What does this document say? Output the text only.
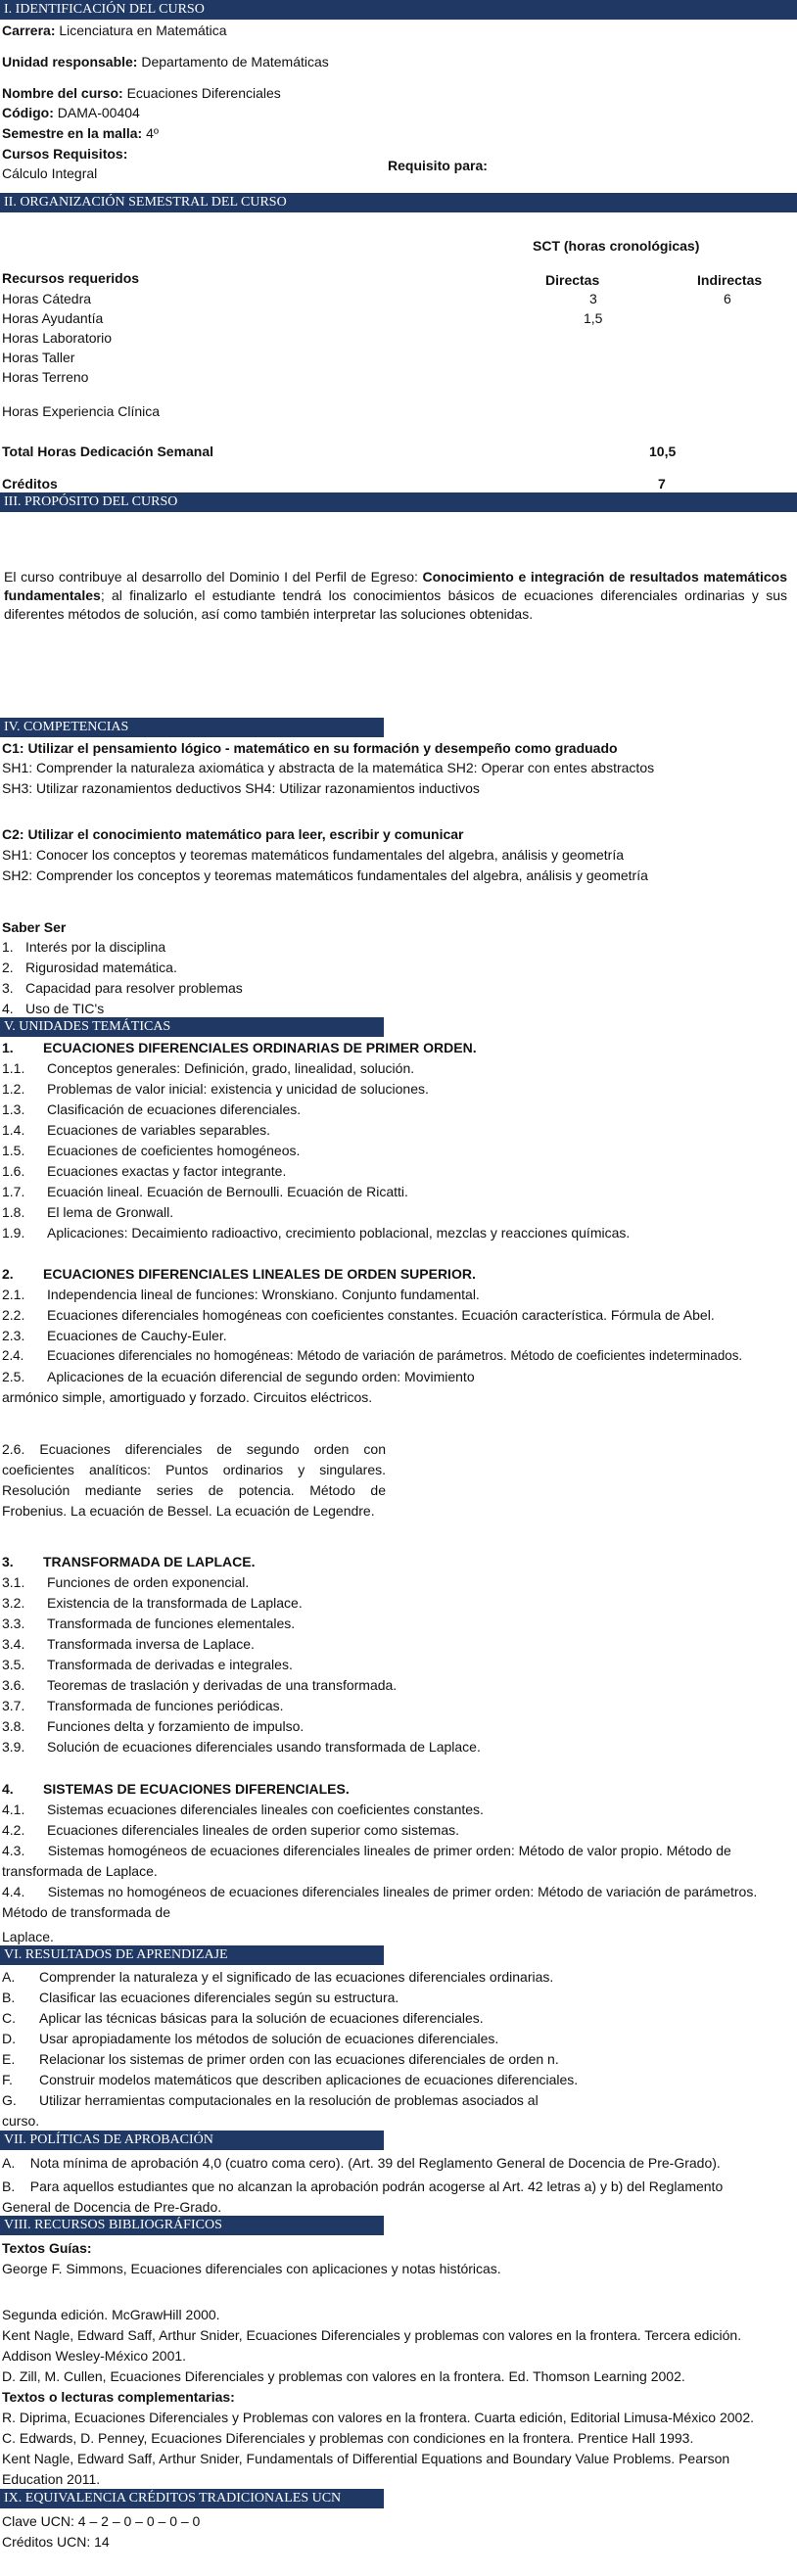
I. IDENTIFICACIÓN DEL CURSO
Carrera: Licenciatura en Matemática
Unidad responsable: Departamento de Matemáticas
Nombre del curso: Ecuaciones Diferenciales
Código: DAMA-00404
Semestre en la malla: 4º
Cursos Requisitos:
Cálculo Integral	Requisito para:
II. ORGANIZACIÓN SEMESTRAL DEL CURSO
SCT (horas cronológicas)
Recursos requeridos	Directas	Indirectas
Horas Cátedra	3	6
Horas Ayudantía	1,5
Horas Laboratorio
Horas Taller
Horas Terreno
Horas Experiencia Clínica
Total Horas Dedicación Semanal	10,5
Créditos	7
III. PROPÓSITO DEL CURSO
El curso contribuye al desarrollo del Dominio I del Perfil de Egreso: Conocimiento e integración de resultados matemáticos fundamentales; al finalizarlo el estudiante tendrá los conocimientos básicos de ecuaciones diferenciales ordinarias y sus diferentes métodos de solución, así como también interpretar las soluciones obtenidas.
IV. COMPETENCIAS
C1: Utilizar el pensamiento lógico - matemático en su formación y desempeño como graduado
SH1: Comprender la naturaleza axiomática y abstracta de la matemática SH2: Operar con entes abstractos
SH3: Utilizar razonamientos deductivos SH4: Utilizar razonamientos inductivos
C2: Utilizar el conocimiento matemático para leer, escribir y comunicar
SH1: Conocer los conceptos y teoremas matemáticos fundamentales del algebra, análisis y geometría
SH2: Comprender los conceptos y teoremas matemáticos fundamentales del algebra, análisis y geometría
Saber Ser
1. Interés por la disciplina
2. Rigurosidad matemática.
3. Capacidad para resolver problemas
4. Uso de TIC's
V. UNIDADES TEMÁTICAS
1. ECUACIONES DIFERENCIALES ORDINARIAS DE PRIMER ORDEN.
1.1. Conceptos generales: Definición, grado, linealidad, solución.
1.2. Problemas de valor inicial: existencia y unicidad de soluciones.
1.3. Clasificación de ecuaciones diferenciales.
1.4. Ecuaciones de variables separables.
1.5. Ecuaciones de coeficientes homogéneos.
1.6. Ecuaciones exactas y factor integrante.
1.7. Ecuación lineal. Ecuación de Bernoulli. Ecuación de Ricatti.
1.8. El lema de Gronwall.
1.9. Aplicaciones: Decaimiento radioactivo, crecimiento poblacional, mezclas y reacciones químicas.
2. ECUACIONES DIFERENCIALES LINEALES DE ORDEN SUPERIOR.
2.1. Independencia lineal de funciones: Wronskiano. Conjunto fundamental.
2.2. Ecuaciones diferenciales homogéneas con coeficientes constantes. Ecuación característica. Fórmula de Abel.
2.3. Ecuaciones de Cauchy-Euler.
2.4. Ecuaciones diferenciales no homogéneas: Método de variación de parámetros. Método de coeficientes indeterminados.
2.5. Aplicaciones de la ecuación diferencial de segundo orden: Movimiento
armónico simple, amortiguado y forzado. Circuitos eléctricos.
2.6. Ecuaciones diferenciales de segundo orden con coeficientes analíticos: Puntos ordinarios y singulares. Resolución mediante series de potencia. Método de Frobenius. La ecuación de Bessel. La ecuación de Legendre.
3. TRANSFORMADA DE LAPLACE.
3.1. Funciones de orden exponencial.
3.2. Existencia de la transformada de Laplace.
3.3. Transformada de funciones elementales.
3.4. Transformada inversa de Laplace.
3.5. Transformada de derivadas e integrales.
3.6. Teoremas de traslación y derivadas de una transformada.
3.7. Transformada de funciones periódicas.
3.8. Funciones delta y forzamiento de impulso.
3.9. Solución de ecuaciones diferenciales usando transformada de Laplace.
4. SISTEMAS DE ECUACIONES DIFERENCIALES.
4.1. Sistemas ecuaciones diferenciales lineales con coeficientes constantes.
4.2. Ecuaciones diferenciales lineales de orden superior como sistemas.
4.3.      Sistemas homogéneos de ecuaciones diferenciales lineales de primer orden: Método de valor propio. Método de
transformada de Laplace.
4.4.      Sistemas no homogéneos de ecuaciones diferenciales lineales de primer orden: Método de variación de parámetros.
Método de transformada de
Laplace.
VI. RESULTADOS DE APRENDIZAJE
A. Comprender la naturaleza y el significado de las ecuaciones diferenciales ordinarias.
B. Clasificar las ecuaciones diferenciales según su estructura.
C. Aplicar las técnicas básicas para la solución de ecuaciones diferenciales.
D. Usar apropiadamente los métodos de solución de ecuaciones diferenciales.
E. Relacionar los sistemas de primer orden con las ecuaciones diferenciales de orden n.
F. Construir modelos matemáticos que describen aplicaciones de ecuaciones diferenciales.
G. Utilizar herramientas computacionales en la resolución de problemas asociados al
curso.
VII. POLÍTICAS DE APROBACIÓN
A.    Nota mínima de aprobación 4,0 (cuatro coma cero). (Art. 39 del Reglamento General de Docencia de Pre-Grado).
B.    Para aquellos estudiantes que no alcanzan la aprobación podrán acogerse al Art. 42 letras a) y b) del Reglamento
General de Docencia de Pre-Grado.
VIII. RECURSOS BIBLIOGRÁFICOS
Textos Guías:
George F. Simmons, Ecuaciones diferenciales con aplicaciones y notas históricas.
Segunda edición. McGrawHill 2000.
Kent Nagle, Edward Saff, Arthur Snider, Ecuaciones Diferenciales y problemas con valores en la frontera. Tercera edición.
Addison Wesley-México 2001.
D. Zill, M. Cullen, Ecuaciones Diferenciales y problemas con valores en la frontera. Ed. Thomson Learning 2002.
Textos o lecturas complementarias:
R. Diprima, Ecuaciones Diferenciales y Problemas con valores en la frontera. Cuarta edición, Editorial Limusa-México 2002.
C. Edwards, D. Penney, Ecuaciones Diferenciales y problemas con condiciones en la frontera. Prentice Hall 1993.
Kent Nagle, Edward Saff, Arthur Snider, Fundamentals of Differential Equations and Boundary Value Problems. Pearson
Education 2011.
IX. EQUIVALENCIA CRÉDITOS TRADICIONALES UCN
Clave UCN: 4 – 2 – 0 – 0 – 0 – 0
Créditos UCN: 14
